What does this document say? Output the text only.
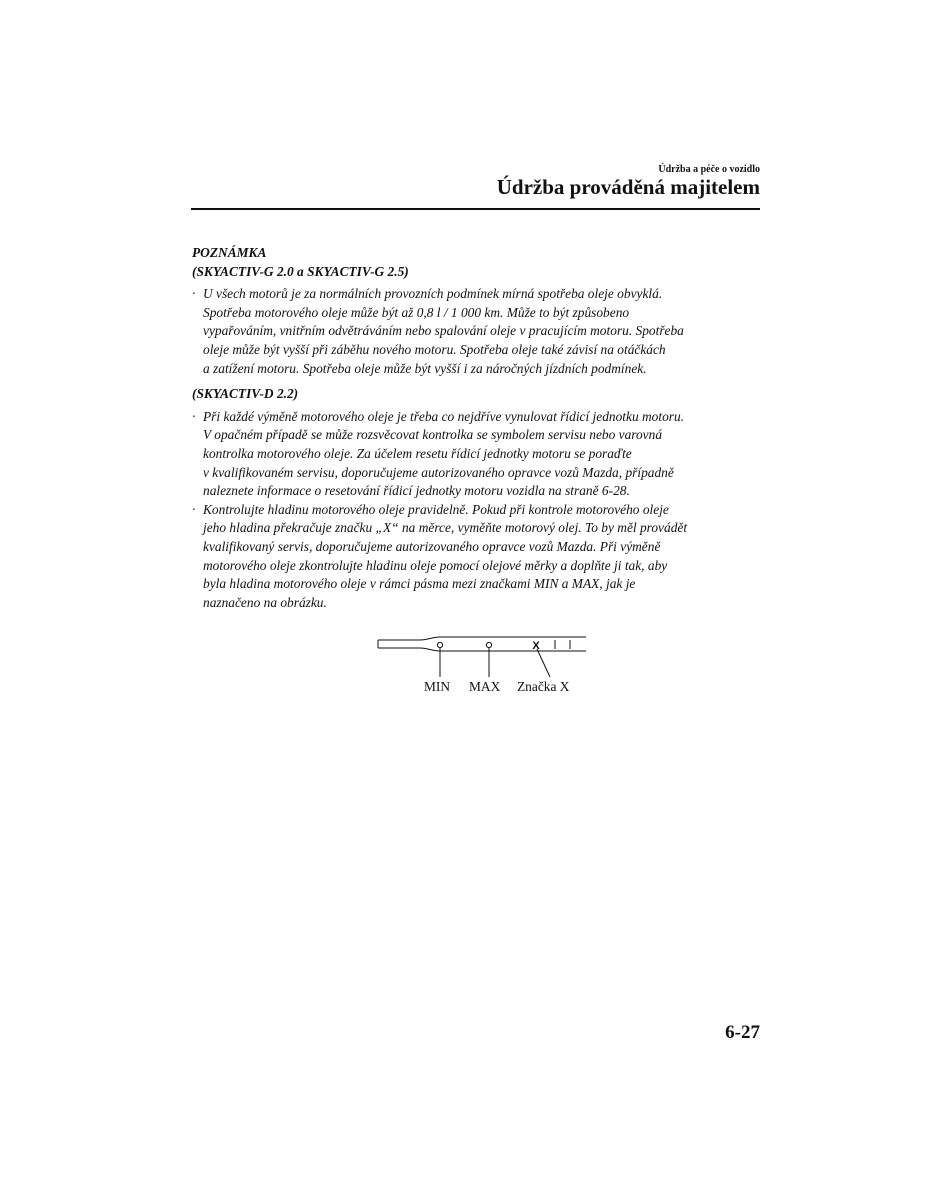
Údržba a péče o vozidlo
Údržba prováděná majitelem

POZNÁMKA

(SKYACTIV-G 2.0 a SKYACTIV-G 2.5)

· U všech motorů je za normálních provozních podmínek mírná spotřeba oleje obvyklá.
Spotřeba motorového oleje může být až 0,8 l / 1 000 km. Může to být způsobeno
vypařováním, vnitřním odvětráváním nebo spalování oleje v pracujícím motoru. Spotřeba
oleje může být vyšší při záběhu nového motoru. Spotřeba oleje také závisí na otáčkách
a zatížení motoru. Spotřeba oleje může být vyšší i za náročných jízdních podmínek.

(SKYACTIV-D 2.2)

· Při každé výměně motorového oleje je třeba co nejdříve vynulovat řídicí jednotku motoru.
V opačném případě se může rozsvěcovat kontrolka se symbolem servisu nebo varovná
kontrolka motorového oleje. Za účelem resetu řídicí jednotky motoru se poraďte
v kvalifikovaném servisu, doporučujeme autorizovaného opravce vozů Mazda, případně
naleznete informace o resetování řídicí jednotky motoru vozidla na straně 6-28.
· Kontrolujte hladinu motorového oleje pravidelně. Pokud při kontrole motorového oleje
jeho hladina překračuje značku „X“ na měrce, vyměňte motorový olej. To by měl provádět
kvalifikovaný servis, doporučujeme autorizovaného opravce vozů Mazda. Při výměně
motorového oleje zkontrolujte hladinu oleje pomocí olejové měrky a doplňte ji tak, aby
byla hladina motorového oleje v rámci pásma mezi značkami MIN a MAX, jak je
naznačeno na obrázku.
X
MIN MAX Značka X
6-27
